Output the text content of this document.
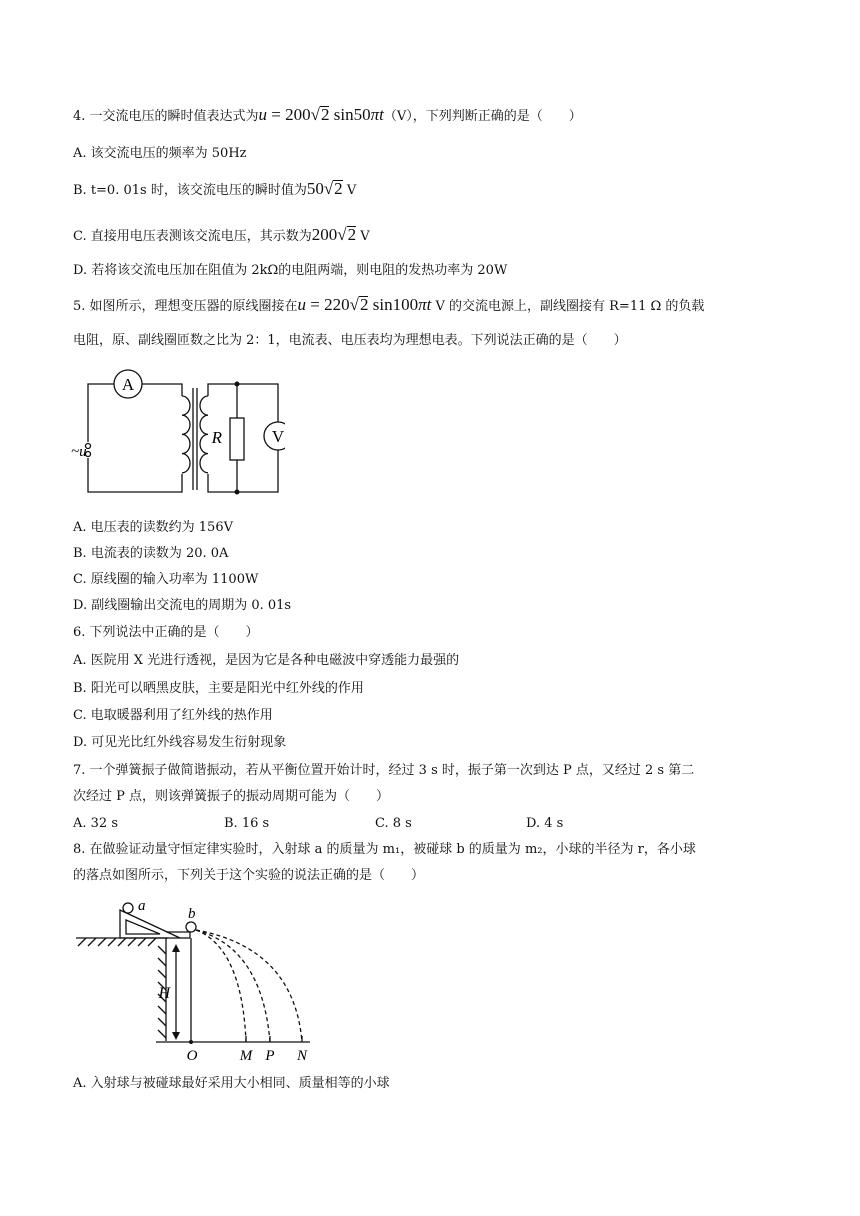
4. 一交流电压的瞬时值表达式为u = 200√2 sin50πt（V），下列判断正确的是（　　）
A. 该交流电压的频率为 50Hz
B. t=0. 01s 时，该交流电压的瞬时值为50√2 V
C. 直接用电压表测该交流电压，其示数为200√2 V
D. 若将该交流电压加在阻值为 2kΩ的电阻两端，则电阻的发热功率为 20W
5. 如图所示，理想变压器的原线圈接在u = 220√2 sin100πt V 的交流电源上，副线圈接有 R=11 Ω 的负载
电阻，原、副线圈匝数之比为 2：1，电流表、电压表均为理想电表。下列说法正确的是（　　）
A
V
R
~u
A. 电压表的读数约为 156V
B. 电流表的读数为 20. 0A
C. 原线圈的输入功率为 1100W
D. 副线圈输出交流电的周期为 0. 01s
6. 下列说法中正确的是（　　）
A. 医院用 X 光进行透视，是因为它是各种电磁波中穿透能力最强的
B. 阳光可以晒黑皮肤，主要是阳光中红外线的作用
C. 电取暖器利用了红外线的热作用
D. 可见光比红外线容易发生衍射现象
7. 一个弹簧振子做简谐振动，若从平衡位置开始计时，经过 3 s 时，振子第一次到达 P 点，又经过 2 s 第二
次经过 P 点，则该弹簧振子的振动周期可能为（　　）
A. 32 s	B. 16 s	C. 8 s	D. 4 s
8. 在做验证动量守恒定律实验时，入射球 a 的质量为 m₁，被碰球 b 的质量为 m₂，小球的半径为 r，各小球
的落点如图所示，下列关于这个实验的说法正确的是（　　）
a	b
H
O	M P N
A. 入射球与被碰球最好采用大小相同、质量相等的小球
